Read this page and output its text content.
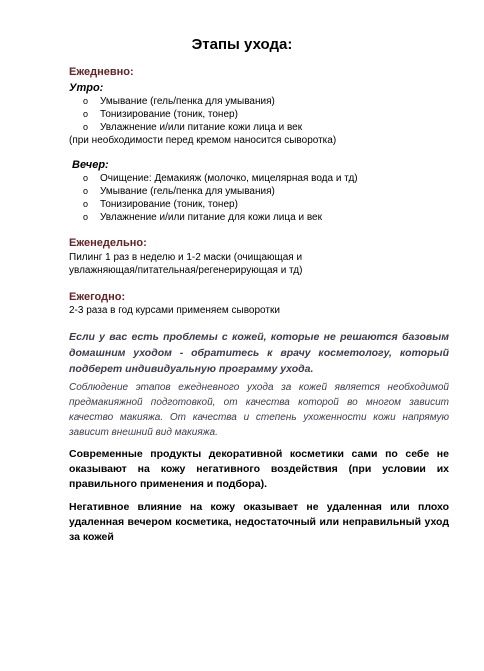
Этапы ухода:
Ежедневно:
Утро:
o Умывание (гель/пенка для умывания)
o Тонизирование (тоник, тонер)
o Увлажнение и/или питание кожи лица и век
(при необходимости перед кремом наносится сыворотка)
Вечер:
o Очищение: Демакияж (молочко, мицелярная вода и тд)
o Умывание (гель/пенка для умывания)
o Тонизирование (тоник, тонер)
o Увлажнение и/или питание для кожи лица и век
Еженедельно:
Пилинг 1 раз в неделю и 1-2 маски (очищающая и
увлажняющая/питательная/регенерирующая и тд)
Ежегодно:
2-3 раза в год курсами применяем сыворотки
Если у вас есть проблемы с кожей, которые не решаются базовым домашним уходом - обратитесь к врачу косметологу, который подберет индивидуальную программу ухода.
Соблюдение этапов ежедневного ухода за кожей является необходимой предмакияжной подготовкой, от качества которой во многом зависит качество макияжа. От качества и степень ухоженности кожи напрямую зависит внешний вид макияжа.
Современные продукты декоративной косметики сами по себе не оказывают на кожу негативного воздействия (при условии их правильного применения и подбора).
Негативное влияние на кожу оказывает не удаленная или плохо удаленная вечером косметика, недостаточный или неправильный уход за кожей
